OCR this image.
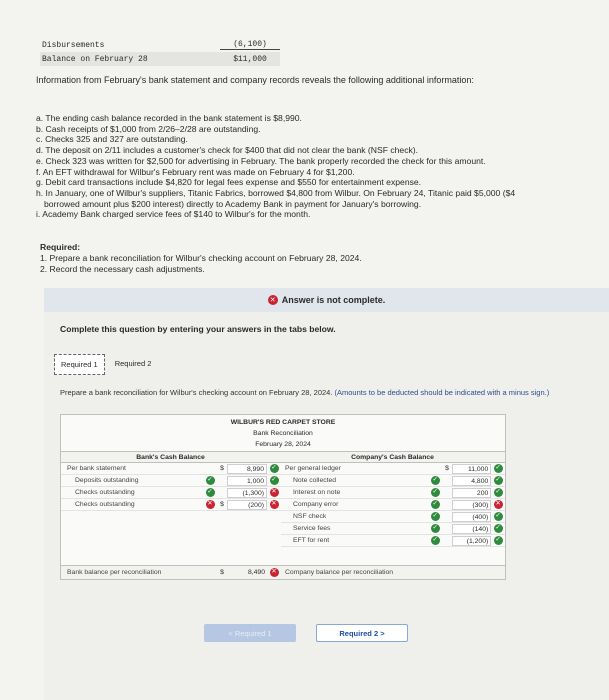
Disbursements	(6,100)
Balance on February 28	$11,000
Information from February's bank statement and company records reveals the following additional information:
a. The ending cash balance recorded in the bank statement is $8,990.
b. Cash receipts of $1,000 from 2/26–2/28 are outstanding.
c. Checks 325 and 327 are outstanding.
d. The deposit on 2/11 includes a customer's check for $400 that did not clear the bank (NSF check).
e. Check 323 was written for $2,500 for advertising in February. The bank properly recorded the check for this amount.
f. An EFT withdrawal for Wilbur's February rent was made on February 4 for $1,200.
g. Debit card transactions include $4,820 for legal fees expense and $550 for entertainment expense.
h. In January, one of Wilbur's suppliers, Titanic Fabrics, borrowed $4,800 from Wilbur. On February 24, Titanic paid $5,000 ($4
borrowed amount plus $200 interest) directly to Academy Bank in payment for January's borrowing.
i. Academy Bank charged service fees of $140 to Wilbur's for the month.
Required:
1. Prepare a bank reconciliation for Wilbur's checking account on February 28, 2024.
2. Record the necessary cash adjustments.
✕ Answer is not complete.
Complete this question by entering your answers in the tabs below.
Required 1	Required 2
Prepare a bank reconciliation for Wilbur's checking account on February 28, 2024. (Amounts to be deducted should be indicated with a minus sign.)
WILBUR'S RED CARPET STORE
Bank Reconciliation
February 28, 2024
Bank's Cash Balance	Company's Cash Balance
Per bank statement	$	8,990	✓
Deposits outstanding	✓	1,000	✓
Checks outstanding	✓	(1,300)	✕
Checks outstanding	✕	$	(200)	✕
Per general ledger	$	11,000	✓
Note collected	✓	4,800	✓
Interest on note	✓	200	✓
Company error	✓	(300)	✕
NSF check	✓	(400)	✓
Service fees	✓	(140)	✓
EFT for rent	✓	(1,200)	✓
Bank balance per reconciliation	$	8,490 ✕	Company balance per reconciliation
< Required 1	Required 2 >
